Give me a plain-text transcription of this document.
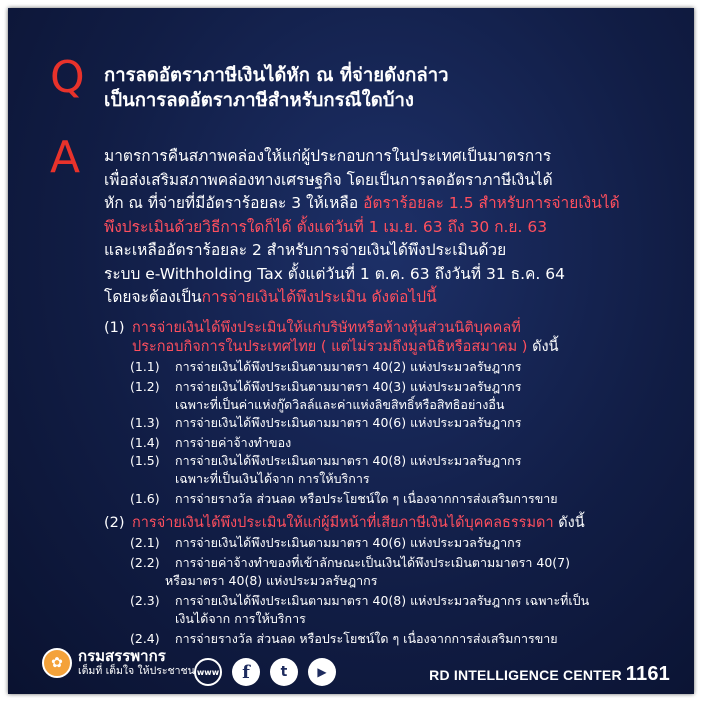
Q การลดอัตราภาษีเงินได้หัก ณ ที่จ่ายดังกล่าว
เป็นการลดอัตราภาษีสำหรับกรณีใดบ้าง
A มาตรการคืนสภาพคล่องให้แก่ผู้ประกอบการในประเทศเป็นมาตรการ
เพื่อส่งเสริมสภาพคล่องทางเศรษฐกิจ โดยเป็นการลดอัตราภาษีเงินได้
หัก ณ ที่จ่ายที่มีอัตราร้อยละ 3 ให้เหลือ อัตราร้อยละ 1.5 สำหรับการจ่ายเงินได้
พึงประเมินด้วยวิธีการใดก็ได้ ตั้งแต่วันที่ 1 เม.ย. 63 ถึง 30 ก.ย. 63
และเหลืออัตราร้อยละ 2 สำหรับการจ่ายเงินได้พึงประเมินด้วย
ระบบ e-Withholding Tax ตั้งแต่วันที่ 1 ต.ค. 63 ถึงวันที่ 31 ธ.ค. 64
โดยจะต้องเป็นการจ่ายเงินได้พึงประเมิน ดังต่อไปนี้
(1) การจ่ายเงินได้พึงประเมินให้แก่บริษัทหรือห้างหุ้นส่วนนิติบุคคลที่
ประกอบกิจการในประเทศไทย ( แต่ไม่รวมถึงมูลนิธิหรือสมาคม ) ดังนี้
(1.1) การจ่ายเงินได้พึงประเมินตามมาตรา 40(2) แห่งประมวลรัษฎากร
(1.2) การจ่ายเงินได้พึงประเมินตามมาตรา 40(3) แห่งประมวลรัษฎากร
เฉพาะที่เป็นค่าแห่งกู๊ดวิลล์และค่าแห่งลิขสิทธิ์หรือสิทธิอย่างอื่น
(1.3) การจ่ายเงินได้พึงประเมินตามมาตรา 40(6) แห่งประมวลรัษฎากร
(1.4) การจ่ายค่าจ้างทำของ
(1.5) การจ่ายเงินได้พึงประเมินตามมาตรา 40(8) แห่งประมวลรัษฎากร
เฉพาะที่เป็นเงินได้จาก การให้บริการ
(1.6) การจ่ายรางวัล ส่วนลด หรือประโยชน์ใด ๆ เนื่องจากการส่งเสริมการขาย
(2) การจ่ายเงินได้พึงประเมินให้แก่ผู้มีหน้าที่เสียภาษีเงินได้บุคคลธรรมดา ดังนี้
(2.1) การจ่ายเงินได้พึงประเมินตามมาตรา 40(6) แห่งประมวลรัษฎากร
(2.2) การจ่ายค่าจ้างทำของที่เข้าลักษณะเป็นเงินได้พึงประเมินตามมาตรา 40(7)
หรือมาตรา 40(8) แห่งประมวลรัษฎากร
(2.3) การจ่ายเงินได้พึงประเมินตามมาตรา 40(8) แห่งประมวลรัษฎากร เฉพาะที่เป็น
เงินได้จาก การให้บริการ
(2.4) การจ่ายรางวัล ส่วนลด หรือประโยชน์ใด ๆ เนื่องจากการส่งเสริมการขาย
✿	กรมสรรพากร
เต็มที่ เต็มใจ ให้ประชาชน www	f	t	▶	RD INTELLIGENCE CENTER 1161
